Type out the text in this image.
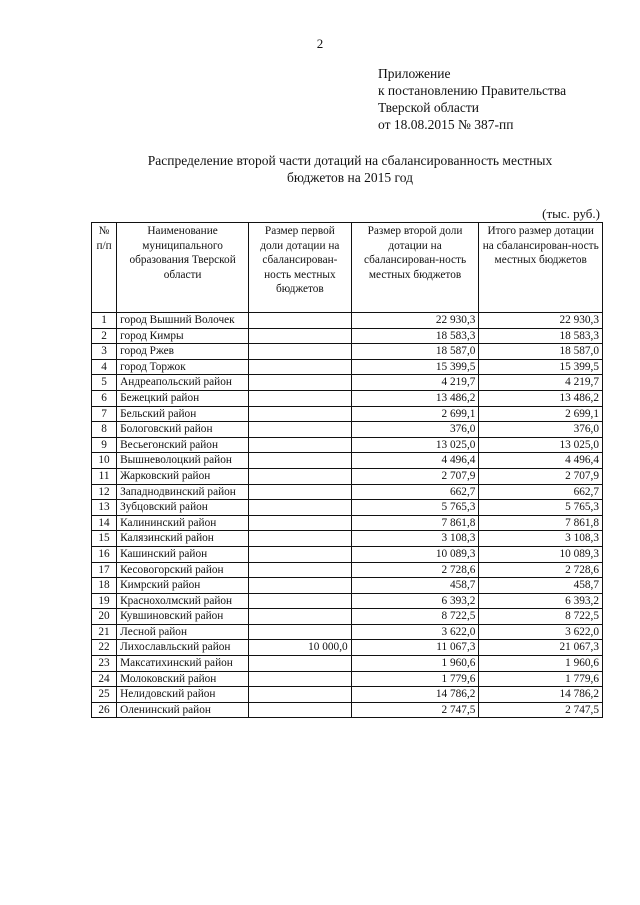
2
Приложение
к постановлению Правительства
Тверской области
от 18.08.2015 № 387-пп
Распределение второй части дотаций на сбалансированность местных
бюджетов на 2015 год
(тыс. руб.)
№ п/п	Наименование муниципального образования Тверской области	Размер первой доли дотации на сбалансирован-ность местных бюджетов	Размер второй доли дотации на сбалансирован-ность местных бюджетов	Итого размер дотации на сбалансирован-ность местных бюджетов
1	город Вышний Волочек		22 930,3	22 930,3
2	город Кимры		18 583,3	18 583,3
3	город Ржев		18 587,0	18 587,0
4	город Торжок		15 399,5	15 399,5
5	Андреапольский район		4 219,7	4 219,7
6	Бежецкий район		13 486,2	13 486,2
7	Бельский район		2 699,1	2 699,1
8	Бологовский район		376,0	376,0
9	Весьегонский район		13 025,0	13 025,0
10	Вышневолоцкий район		4 496,4	4 496,4
11	Жарковский район		2 707,9	2 707,9
12	Западнодвинский район		662,7	662,7
13	Зубцовский район		5 765,3	5 765,3
14	Калининский район		7 861,8	7 861,8
15	Калязинский район		3 108,3	3 108,3
16	Кашинский район		10 089,3	10 089,3
17	Кесовогорский район		2 728,6	2 728,6
18	Кимрский район		458,7	458,7
19	Краснохолмский район		6 393,2	6 393,2
20	Кувшиновский район		8 722,5	8 722,5
21	Лесной район		3 622,0	3 622,0
22	Лихославльский район	10 000,0	11 067,3	21 067,3
23	Максатихинский район		1 960,6	1 960,6
24	Молоковский район		1 779,6	1 779,6
25	Нелидовский район		14 786,2	14 786,2
26	Оленинский район		2 747,5	2 747,5
